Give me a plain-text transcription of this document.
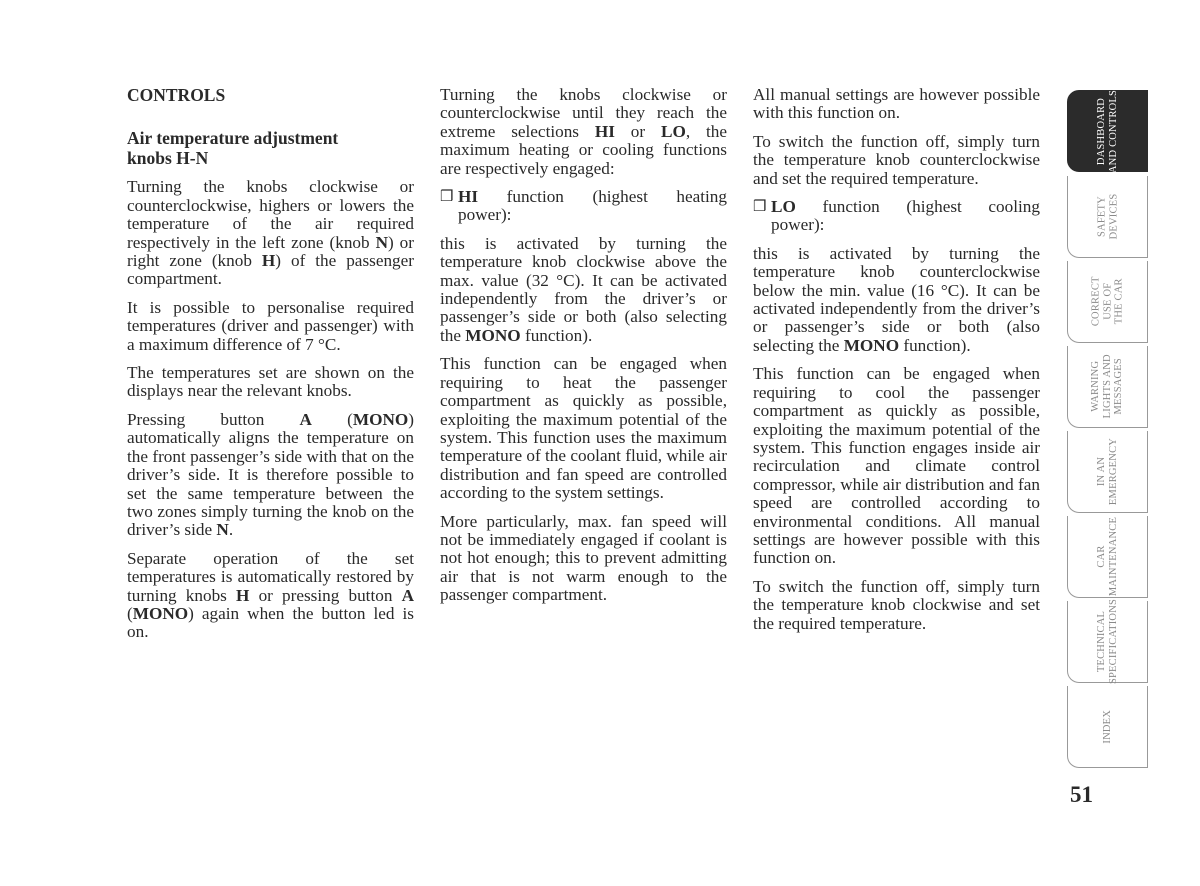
CONTROLS
Air temperature adjustment
knobs H-N

Turning the knobs clockwise or counterclockwise, highers or lowers the temperature of the air required respectively in the left zone (knob N) or right zone (knob H) of the passenger compartment.

It is possible to personalise required temperatures (driver and passenger) with a maximum difference of 7 °C.

The temperatures set are shown on the displays near the relevant knobs.

Pressing button A (MONO) automatically aligns the temperature on the front passenger’s side with that on the driver’s side. It is therefore possible to set the same temperature between the two zones simply turning the knob on the driver’s side N.

Separate operation of the set temperatures is automatically restored by turning knobs H or pressing button A (MONO) again when the button led is on.

Turning the knobs clockwise or counterclockwise until they reach the extreme selections HI or LO, the maximum heating or cooling functions are respectively engaged:

❒ HI function (highest heating
power):

this is activated by turning the temperature knob clockwise above the max. value (32 °C). It can be activated independently from the driver’s or passenger’s side or both (also selecting the MONO function).

This function can be engaged when requiring to heat the passenger compartment as quickly as possible, exploiting the maximum potential of the system. This function uses the maximum temperature of the coolant fluid, while air distribution and fan speed are controlled according to the system settings.

More particularly, max. fan speed will not be immediately engaged if coolant is not hot enough; this to prevent admitting air that is not warm enough to the passenger compartment.

All manual settings are however possible with this function on.

To switch the function off, simply turn the temperature knob counterclockwise and set the required temperature.

❒ LO function (highest cooling
power):

this is activated by turning the temperature knob counterclockwise below the min. value (16 °C). It can be activated independently from the driver’s or passenger’s side or both (also selecting the MONO function).

This function can be engaged when requiring to cool the passenger compartment as quickly as possible, exploiting the maximum potential of the system. This function engages inside air recirculation and climate control compressor, while air distribution and fan speed are controlled according to environmental conditions. All manual settings are however possible with this function on.

To switch the function off, simply turn the temperature knob clockwise and set the required temperature.

DASHBOARD
AND CONTROLS
SAFETY
DEVICES
CORRECT
USE OF
THE CAR
WARNING
LIGHTS AND
MESSAGES
IN AN
EMERGENCY
CAR
MAINTENANCE
TECHNICAL
SPECIFICATIONS
INDEX
51
